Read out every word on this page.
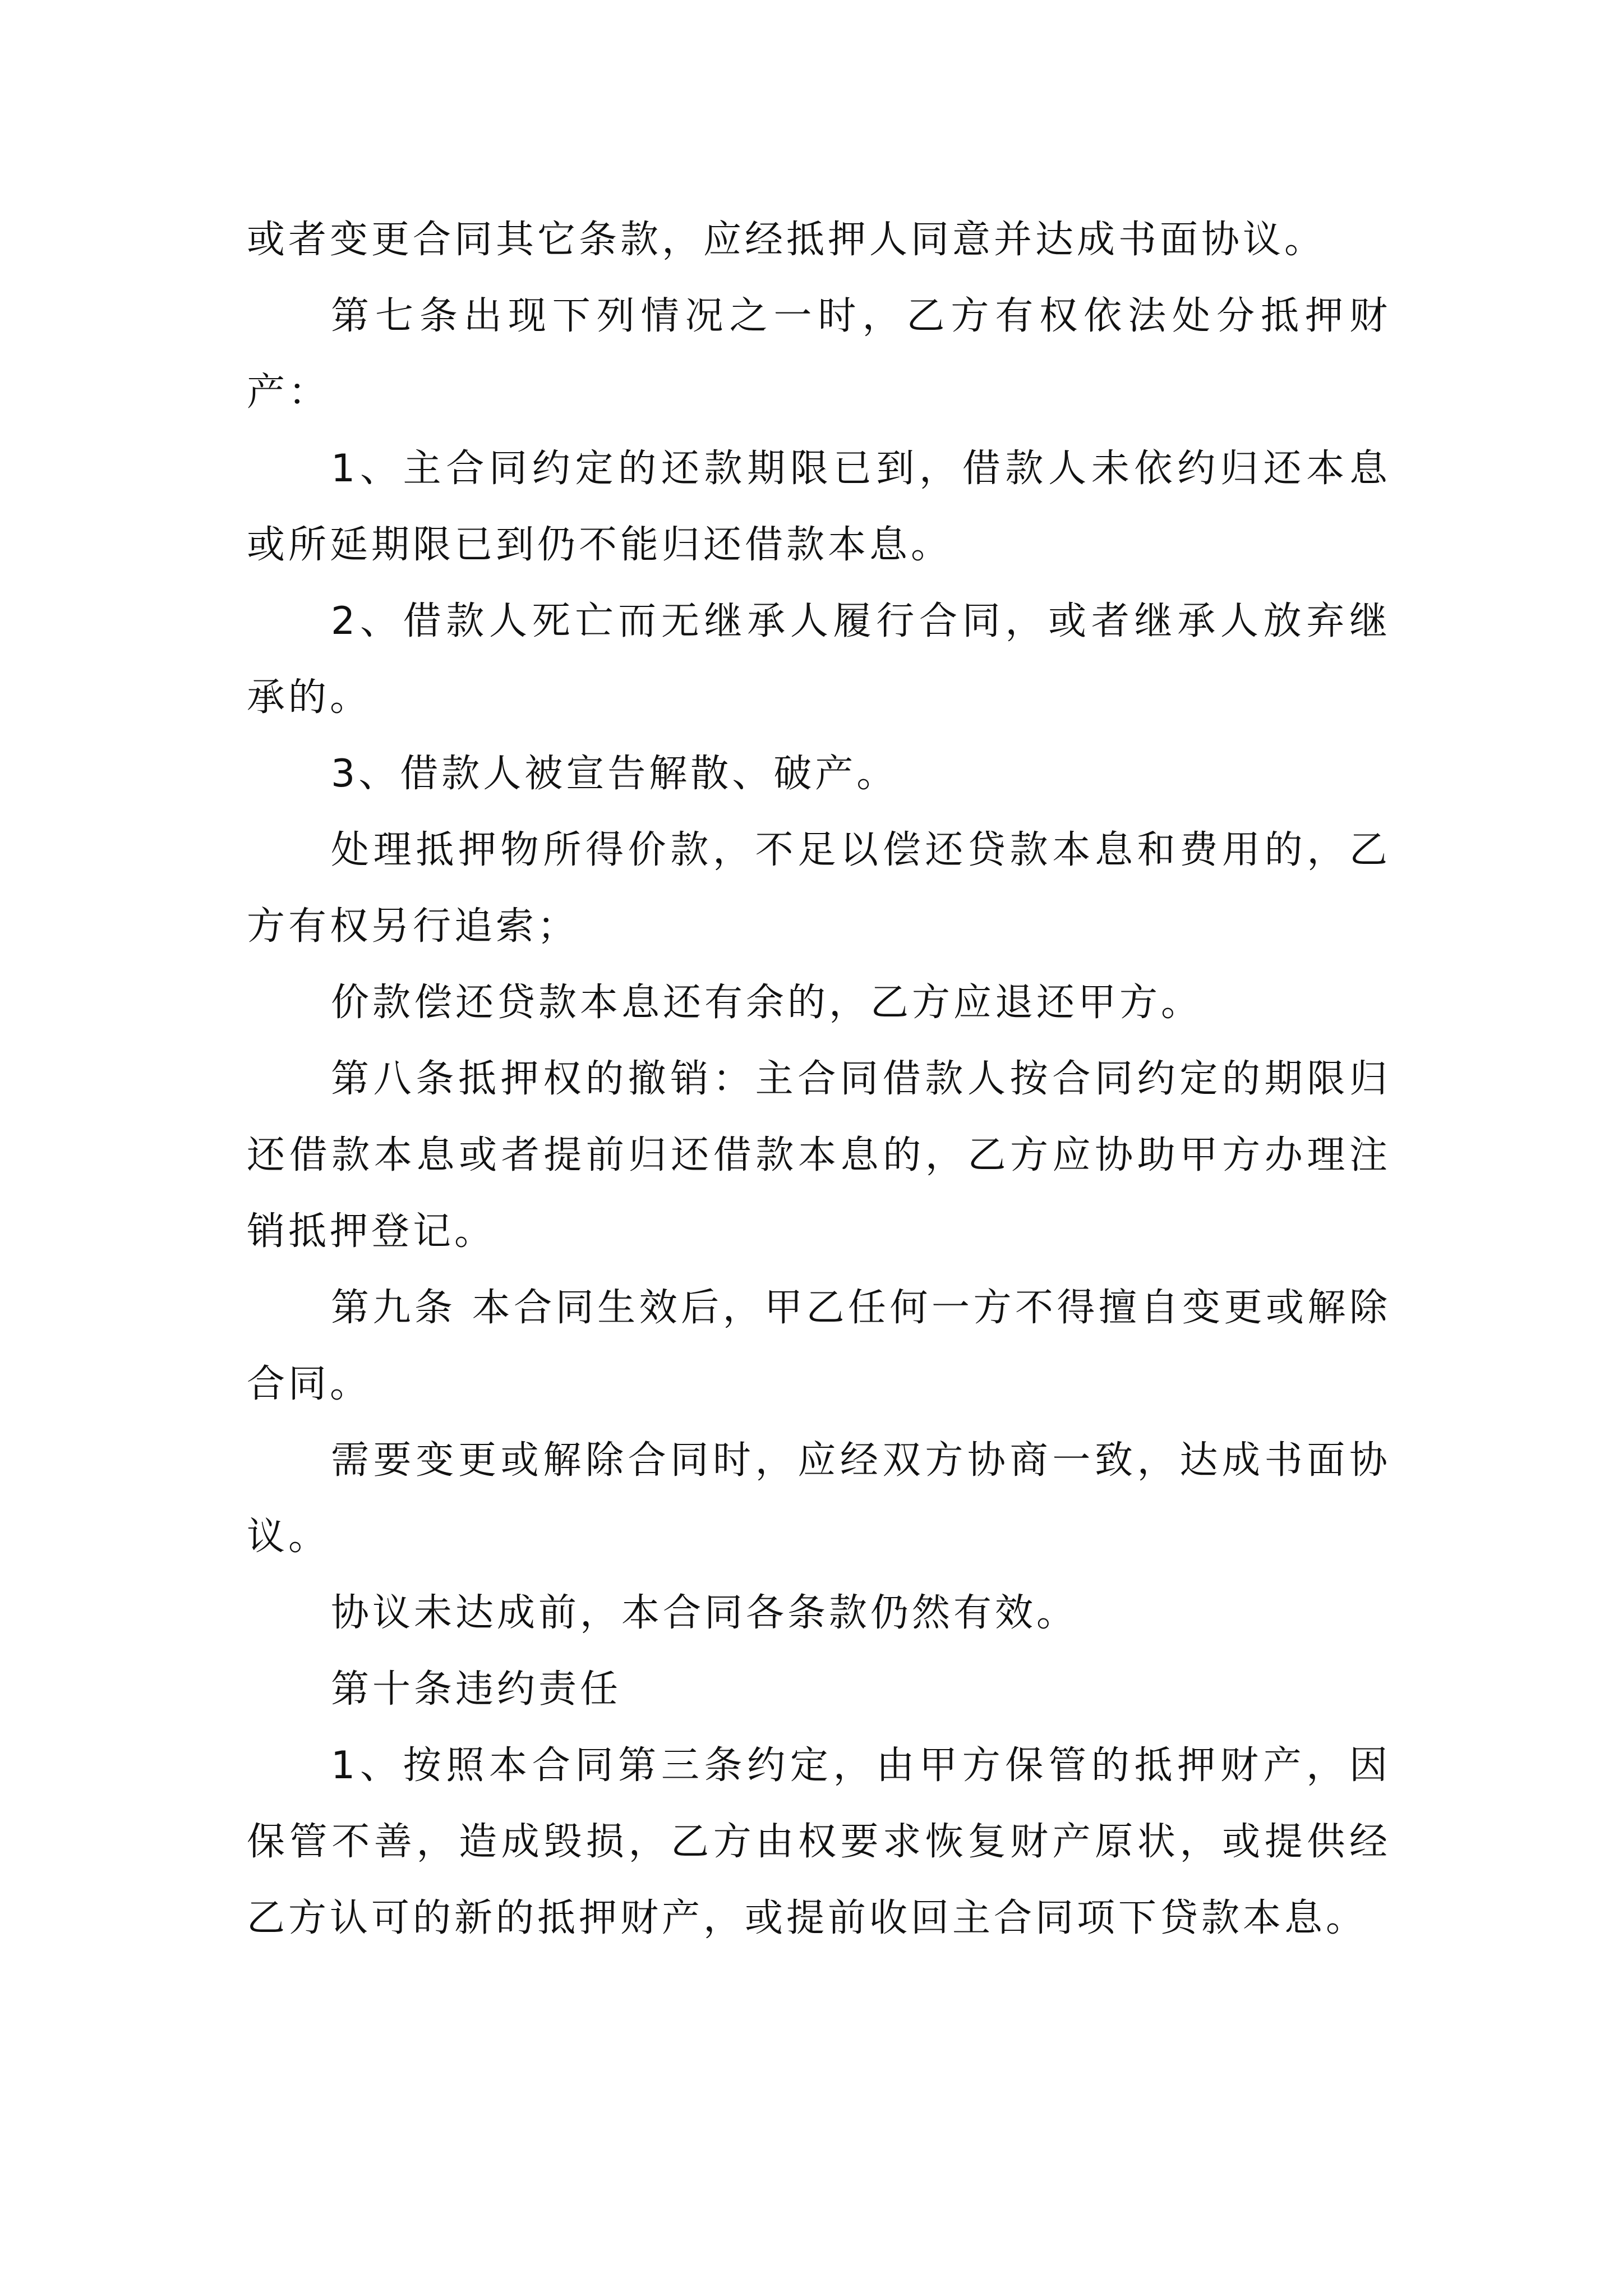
或者变更合同其它条款，应经抵押人同意并达成书面协议。

第七条出现下列情况之一时，乙方有权依法处分抵押财产：

1、主合同约定的还款期限已到，借款人未依约归还本息或所延期限已到仍不能归还借款本息。

2、借款人死亡而无继承人履行合同，或者继承人放弃继承的。

3、借款人被宣告解散、破产。

处理抵押物所得价款，不足以偿还贷款本息和费用的，乙方有权另行追索；

价款偿还贷款本息还有余的，乙方应退还甲方。

第八条抵押权的撤销：主合同借款人按合同约定的期限归还借款本息或者提前归还借款本息的，乙方应协助甲方办理注销抵押登记。

第九条 本合同生效后，甲乙任何一方不得擅自变更或解除合同。

需要变更或解除合同时，应经双方协商一致，达成书面协议。

协议未达成前，本合同各条款仍然有效。

第十条违约责任

1、按照本合同第三条约定，由甲方保管的抵押财产，因保管不善，造成毁损，乙方由权要求恢复财产原状，或提供经乙方认可的新的抵押财产，或提前收回主合同项下贷款本息。
